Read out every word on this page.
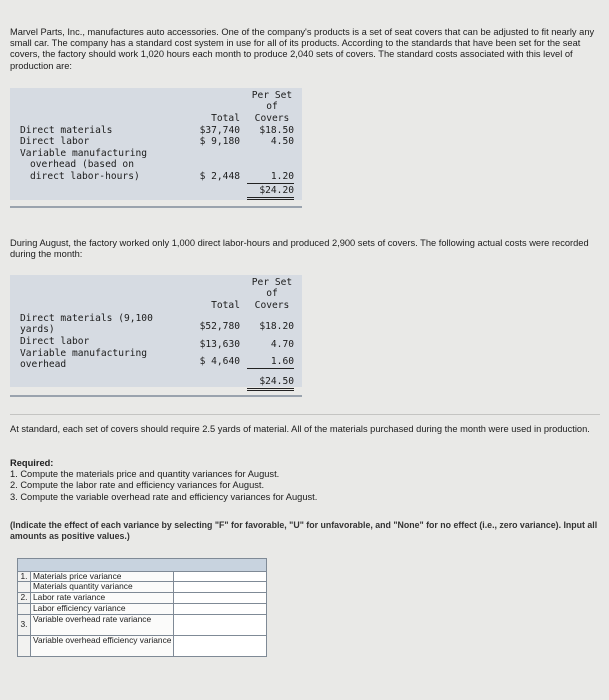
Marvel Parts, Inc., manufactures auto accessories. One of the company's products is a set of seat covers that can be adjusted to fit nearly any small car. The company has a standard cost system in use for all of its products. According to the standards that have been set for the seat covers, the factory should work 1,020 hours each month to produce 2,040 sets of covers. The standard costs associated with this level of production are:
Per Set
of
Total	Covers
Direct materials	$37,740	$18.50
Direct labor	$ 9,180	4.50
Variable manufacturing
overhead (based on
direct labor-hours)	$ 2,448	1.20
$24.20
During August, the factory worked only 1,000 direct labor-hours and produced 2,900 sets of covers. The following actual costs were recorded during the month:
Per Set
of
Total	Covers
Direct materials (9,100
yards)	$52,780	$18.20
Direct labor	$13,630	4.70
Variable manufacturing
overhead	$ 4,640	1.60
$24.50
At standard, each set of covers should require 2.5 yards of material. All of the materials purchased during the month were used in production.
Required:
1. Compute the materials price and quantity variances for August.
2. Compute the labor rate and efficiency variances for August.
3. Compute the variable overhead rate and efficiency variances for August.
(Indicate the effect of each variance by selecting "F" for favorable, "U" for unfavorable, and "None" for no effect (i.e., zero variance). Input all amounts as positive values.)
1. Materials price variance
Materials quantity variance
2. Labor rate variance
Labor efficiency variance
3. Variable overhead rate variance
Variable overhead efficiency variance
